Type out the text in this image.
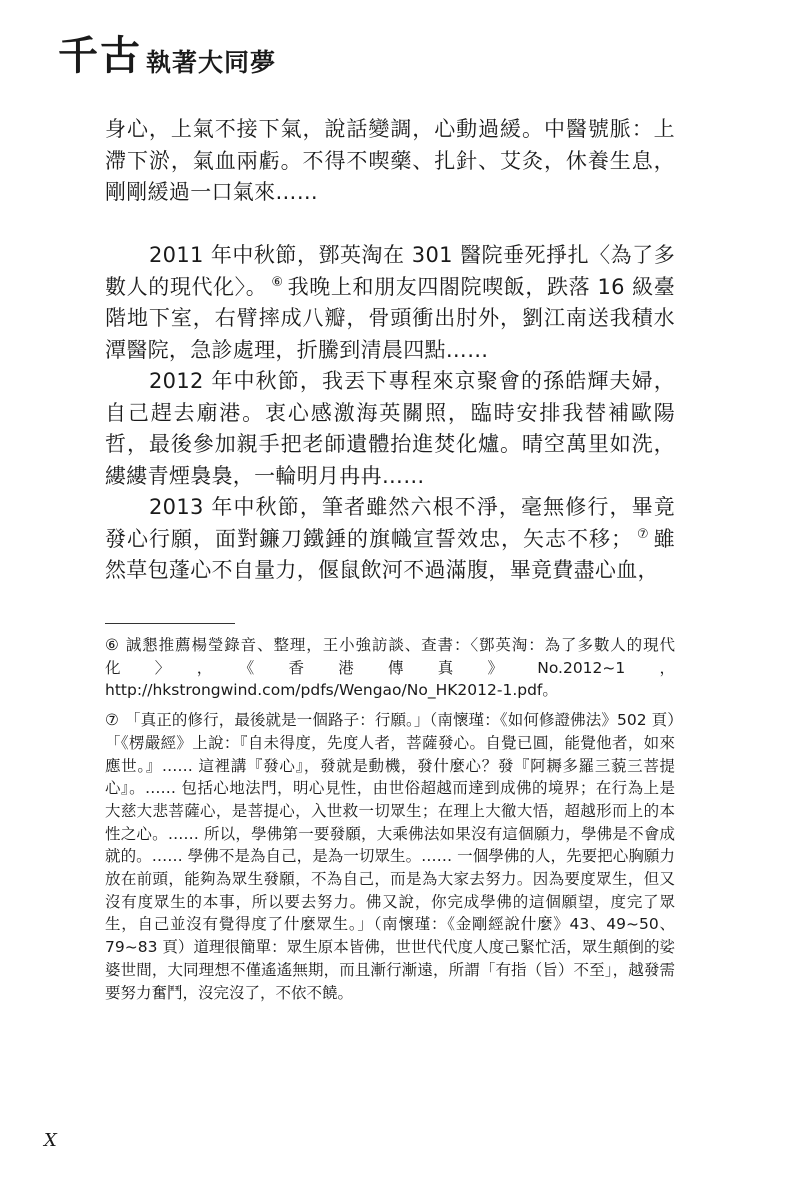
千古 執著大同夢

身心，上氣不接下氣，說話變調，心動過緩。中醫號脈：上滯下淤，氣血兩虧。不得不喫藥、扎針、艾灸，休養生息，剛剛緩過一口氣來……

2011 年中秋節，鄧英淘在 301 醫院垂死掙扎〈為了多數人的現代化〉。 ⑥ 我晚上和朋友四閤院喫飯，跌落 16 級臺階地下室，右臂摔成八瓣，骨頭衝出肘外，劉江南送我積水潭醫院，急診處理，折騰到清晨四點……

2012 年中秋節，我丟下專程來京聚會的孫皓輝夫婦，自己趕去廟港。衷心感激海英關照，臨時安排我替補歐陽哲，最後參加親手把老師遺體抬進焚化爐。晴空萬里如洗，縷縷青煙裊裊，一輪明月冉冉……

2013 年中秋節，筆者雖然六根不淨，毫無修行，畢竟發心行願，面對鐮刀鐵錘的旗幟宣誓效忠，矢志不移； ⑦ 雖然草包蓬心不自量力，偃鼠飲河不過滿腹，畢竟費盡心血，

⑥ 誠懇推薦楊瑩錄音、整理，王小強訪談、查書：〈鄧英淘：為了多數人的現代化〉，《香港傳真》No.2012~1，http://hkstrongwind.com/pdfs/Wengao/No_HK2012-1.pdf。

⑦ 「真正的修行，最後就是一個路子：行願。」（南懷瑾：《如何修證佛法》502 頁）「《楞嚴經》上說：『自未得度，先度人者，菩薩發心。自覺已圓，能覺他者，如來應世。』…… 這裡講『發心』，發就是動機，發什麼心？發『阿耨多羅三藐三菩提心』。…… 包括心地法門，明心見性，由世俗超越而達到成佛的境界；在行為上是大慈大悲菩薩心，是菩提心，入世救一切眾生；在理上大徹大悟，超越形而上的本性之心。…… 所以，學佛第一要發願，大乘佛法如果沒有這個願力，學佛是不會成就的。…… 學佛不是為自己，是為一切眾生。…… 一個學佛的人，先要把心胸願力放在前頭，能夠為眾生發願，不為自己，而是為大家去努力。因為要度眾生，但又沒有度眾生的本事，所以要去努力。佛又說，你完成學佛的這個願望，度完了眾生，自己並沒有覺得度了什麼眾生。」（南懷瑾：《金剛經說什麼》43、49~50、79~83 頁）道理很簡單：眾生原本皆佛，世世代代度人度己緊忙活，眾生顛倒的娑婆世間，大同理想不僅遙遙無期，而且漸行漸遠，所謂「有指（旨）不至」，越發需要努力奮鬥，沒完沒了，不依不饒。

X
